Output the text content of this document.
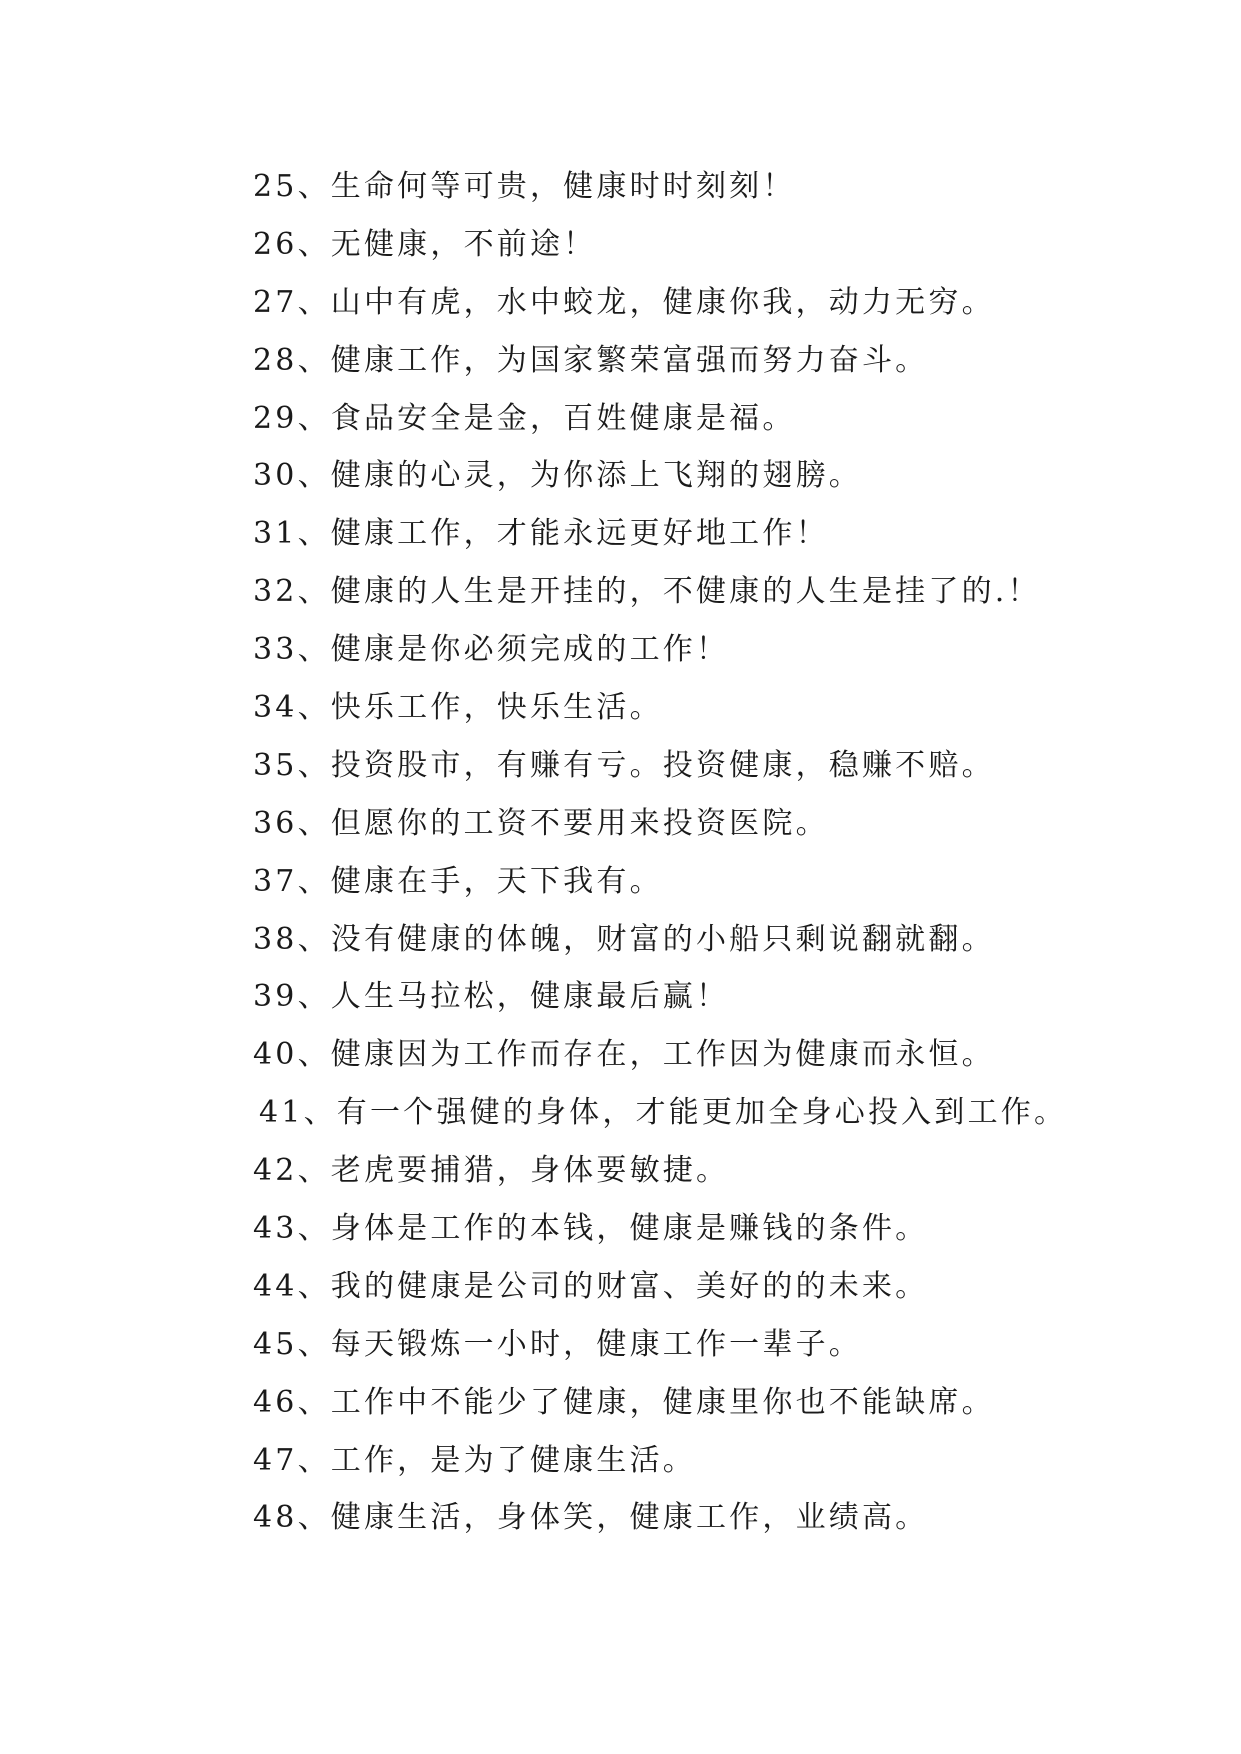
25、生命何等可贵，健康时时刻刻！
26、无健康，不前途！
27、山中有虎，水中蛟龙，健康你我，动力无穷。
28、健康工作，为国家繁荣富强而努力奋斗。
29、食品安全是金，百姓健康是福。
30、健康的心灵，为你添上飞翔的翅膀。
31、健康工作，才能永远更好地工作！
32、健康的人生是开挂的，不健康的人生是挂了的.！
33、健康是你必须完成的工作！
34、快乐工作，快乐生活。
35、投资股市，有赚有亏。投资健康，稳赚不赔。
36、但愿你的工资不要用来投资医院。
37、健康在手，天下我有。
38、没有健康的体魄，财富的小船只剩说翻就翻。
39、人生马拉松，健康最后赢！
40、健康因为工作而存在，工作因为健康而永恒。
41、有一个强健的身体，才能更加全身心投入到工作。
42、老虎要捕猎，身体要敏捷。
43、身体是工作的本钱，健康是赚钱的条件。
44、我的健康是公司的财富、美好的的未来。
45、每天锻炼一小时，健康工作一辈子。
46、工作中不能少了健康，健康里你也不能缺席。
47、工作，是为了健康生活。
48、健康生活，身体笑，健康工作，业绩高。
